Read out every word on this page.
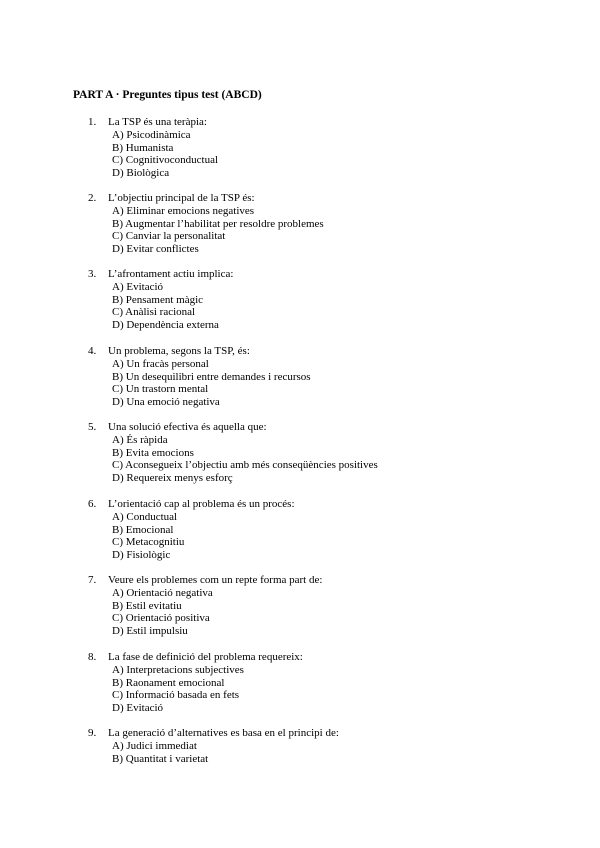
PART A · Preguntes tipus test (ABCD)
1. La TSP és una teràpia:
A) Psicodinàmica
B) Humanista
C) Cognitivoconductual
D) Biològica
2. L’objectiu principal de la TSP és:
A) Eliminar emocions negatives
B) Augmentar l’habilitat per resoldre problemes
C) Canviar la personalitat
D) Evitar conflictes
3. L’afrontament actiu implica:
A) Evitació
B) Pensament màgic
C) Anàlisi racional
D) Dependència externa
4. Un problema, segons la TSP, és:
A) Un fracàs personal
B) Un desequilibri entre demandes i recursos
C) Un trastorn mental
D) Una emoció negativa
5. Una solució efectiva és aquella que:
A) És ràpida
B) Evita emocions
C) Aconsegueix l’objectiu amb més conseqüències positives
D) Requereix menys esforç
6. L’orientació cap al problema és un procés:
A) Conductual
B) Emocional
C) Metacognitiu
D) Fisiològic
7. Veure els problemes com un repte forma part de:
A) Orientació negativa
B) Estil evitatiu
C) Orientació positiva
D) Estil impulsiu
8. La fase de definició del problema requereix:
A) Interpretacions subjectives
B) Raonament emocional
C) Informació basada en fets
D) Evitació
9. La generació d’alternatives es basa en el principi de:
A) Judici immediat
B) Quantitat i varietat
